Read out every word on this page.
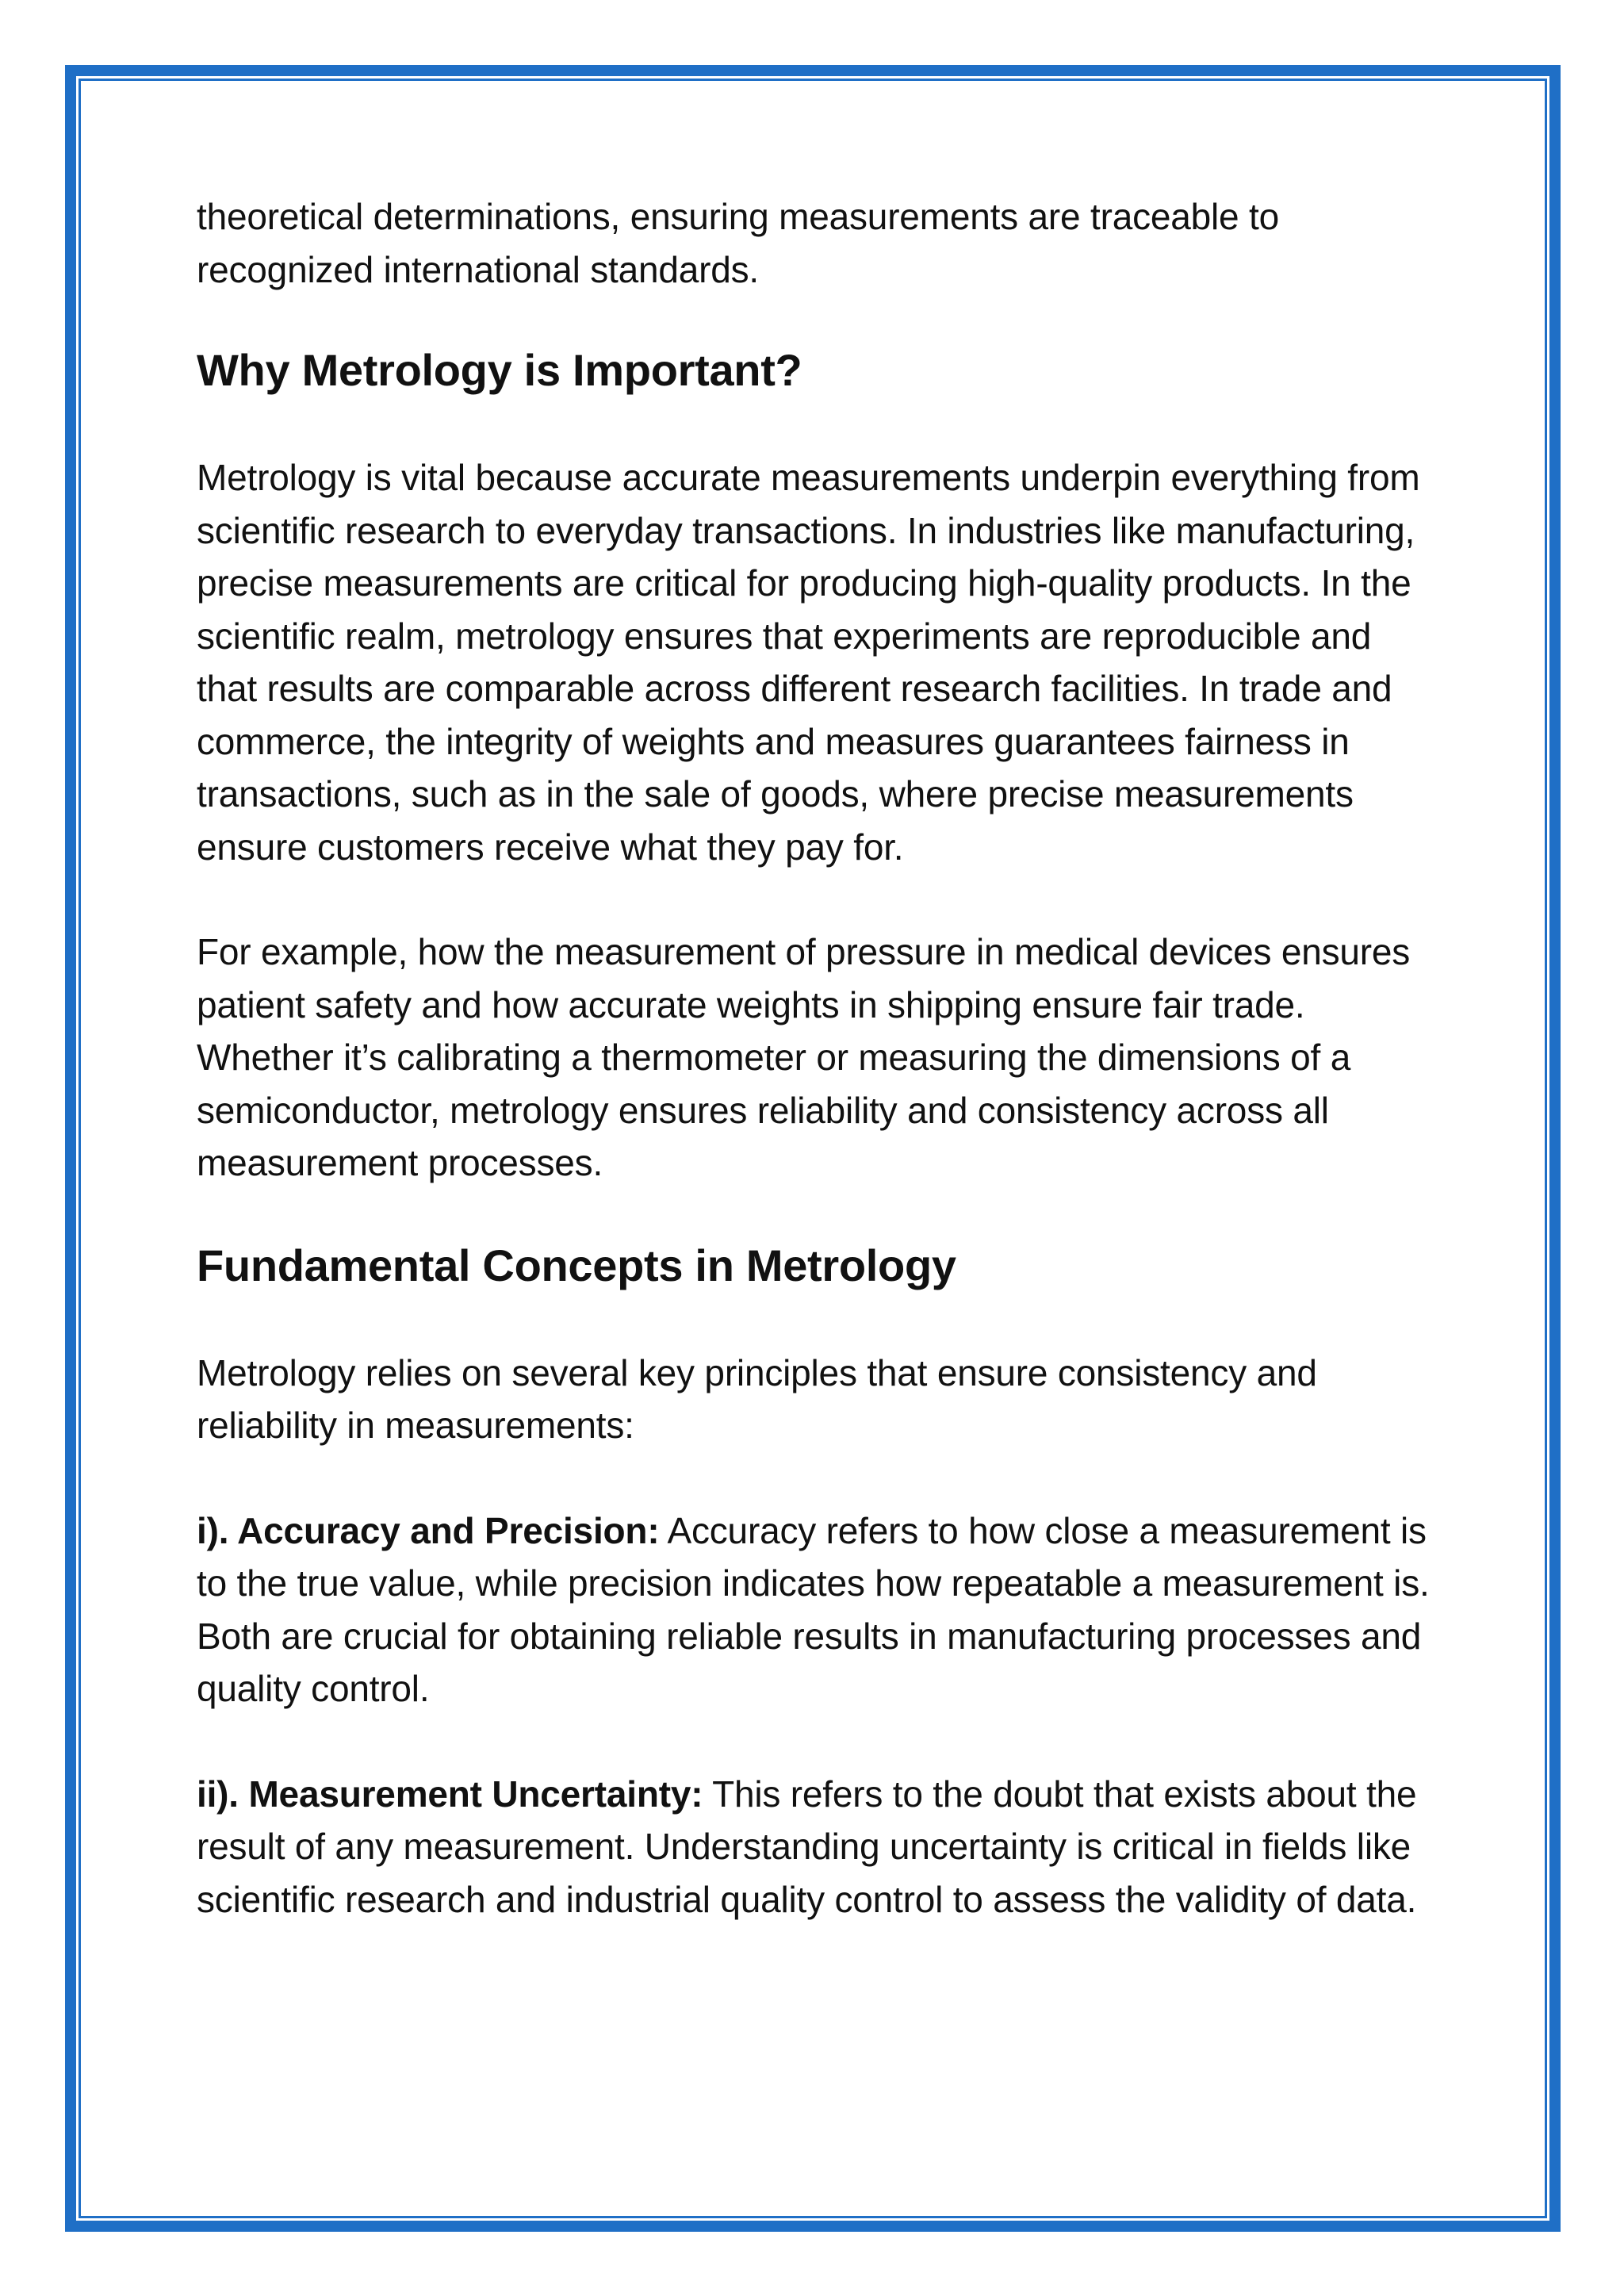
theoretical determinations, ensuring measurements are traceable to recognized international standards.

Why Metrology is Important?

Metrology is vital because accurate measurements underpin everything from scientific research to everyday transactions. In industries like manufacturing, precise measurements are critical for producing high-quality products. In the scientific realm, metrology ensures that experiments are reproducible and that results are comparable across different research facilities. In trade and commerce, the integrity of weights and measures guarantees fairness in transactions, such as in the sale of goods, where precise measurements ensure customers receive what they pay for.

For example, how the measurement of pressure in medical devices ensures patient safety and how accurate weights in shipping ensure fair trade. Whether it’s calibrating a thermometer or measuring the dimensions of a semiconductor, metrology ensures reliability and consistency across all measurement processes.

Fundamental Concepts in Metrology

Metrology relies on several key principles that ensure consistency and reliability in measurements:

i). Accuracy and Precision: Accuracy refers to how close a measurement is to the true value, while precision indicates how repeatable a measurement is. Both are crucial for obtaining reliable results in manufacturing processes and quality control.

ii). Measurement Uncertainty: This refers to the doubt that exists about the result of any measurement. Understanding uncertainty is critical in fields like scientific research and industrial quality control to assess the validity of data.
